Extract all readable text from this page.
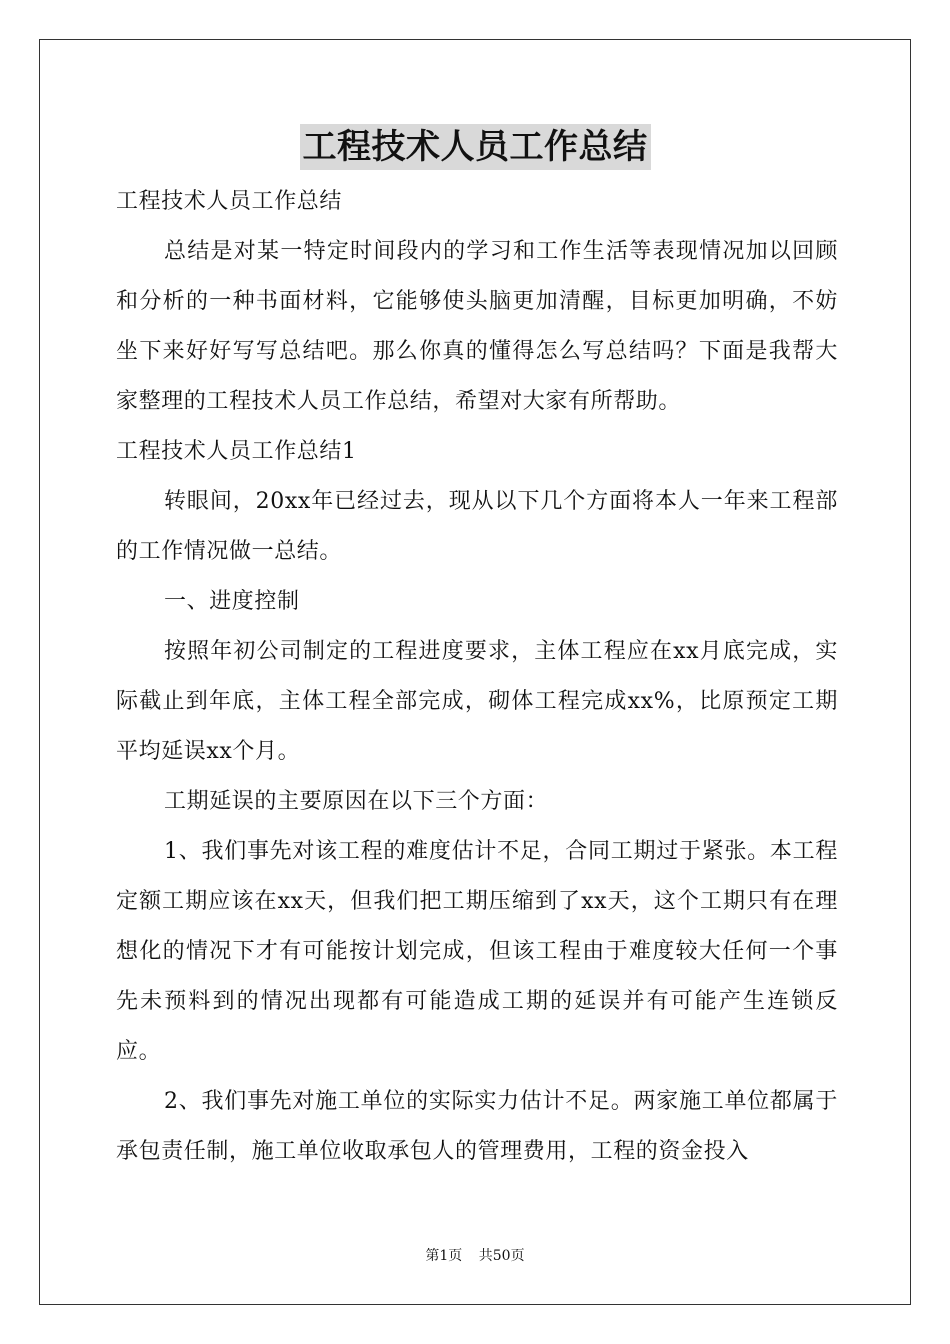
工程技术人员工作总结

工程技术人员工作总结

总结是对某一特定时间段内的学习和工作生活等表现情况加以回顾和分析的一种书面材料，它能够使头脑更加清醒，目标更加明确，不妨坐下来好好写写总结吧。那么你真的懂得怎么写总结吗？下面是我帮大家整理的工程技术人员工作总结，希望对大家有所帮助。

工程技术人员工作总结1

转眼间，20xx年已经过去，现从以下几个方面将本人一年来工程部的工作情况做一总结。

一、进度控制

按照年初公司制定的工程进度要求，主体工程应在xx月底完成，实际截止到年底，主体工程全部完成，砌体工程完成xx%，比原预定工期平均延误xx个月。

工期延误的主要原因在以下三个方面：

1、我们事先对该工程的难度估计不足，合同工期过于紧张。本工程定额工期应该在xx天，但我们把工期压缩到了xx天，这个工期只有在理想化的情况下才有可能按计划完成，但该工程由于难度较大任何一个事先未预料到的情况出现都有可能造成工期的延误并有可能产生连锁反应。

2、我们事先对施工单位的实际实力估计不足。两家施工单位都属于承包责任制，施工单位收取承包人的管理费用，工程的资金投入

第1页 共50页
